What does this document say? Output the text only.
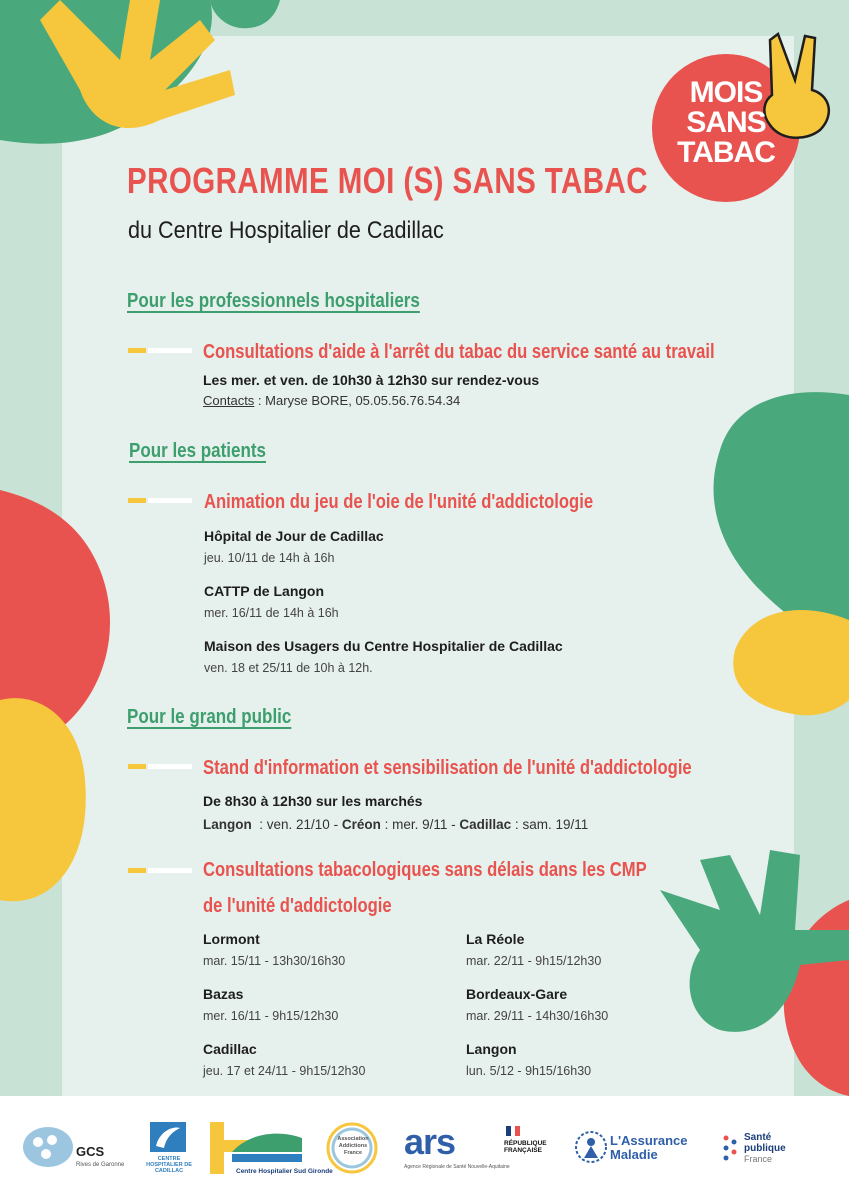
MOIS
SANS
TABAC
PROGRAMME MOI (S) SANS TABAC
du Centre Hospitalier de Cadillac
Pour les professionnels hospitaliers
Consultations d'aide à l'arrêt du tabac du service santé au travail
Les mer. et ven. de 10h30 à 12h30 sur rendez-vous
Contacts : Maryse BORE, 05.05.56.76.54.34
Pour les patients
Animation du jeu de l'oie de l'unité d'addictologie
Hôpital de Jour de Cadillac
jeu. 10/11 de 14h à 16h
CATTP de Langon
mer. 16/11 de 14h à 16h
Maison des Usagers du Centre Hospitalier de Cadillac
ven. 18 et 25/11 de 10h à 12h.
Pour le grand public
Stand d'information et sensibilisation de l'unité d'addictologie
De 8h30 à 12h30 sur les marchés
Langon  : ven. 21/10 - Créon : mer. 9/11 - Cadillac : sam. 19/11
Consultations tabacologiques sans délais dans les CMP
de l'unité d'addictologie
Lormont
mar. 15/11 - 13h30/16h30
La Réole
mar. 22/11 - 9h15/12h30
Bazas
mer. 16/11 - 9h15/12h30
Bordeaux-Gare
mar. 29/11 - 14h30/16h30
Cadillac
jeu. 17 et 24/11 - 9h15/12h30
Langon
lun. 5/12 - 9h15/16h30
GCS
Rives de Garonne
CENTRE HOSPITALIER DE CADILLAC	Centre Hospitalier Sud Gironde
Association Addictions France ars
Agence Régionale de Santé Nouvelle-Aquitaine
RÉPUBLIQUE FRANÇAISE
L'Assurance
Maladie
Santé
publique
France
